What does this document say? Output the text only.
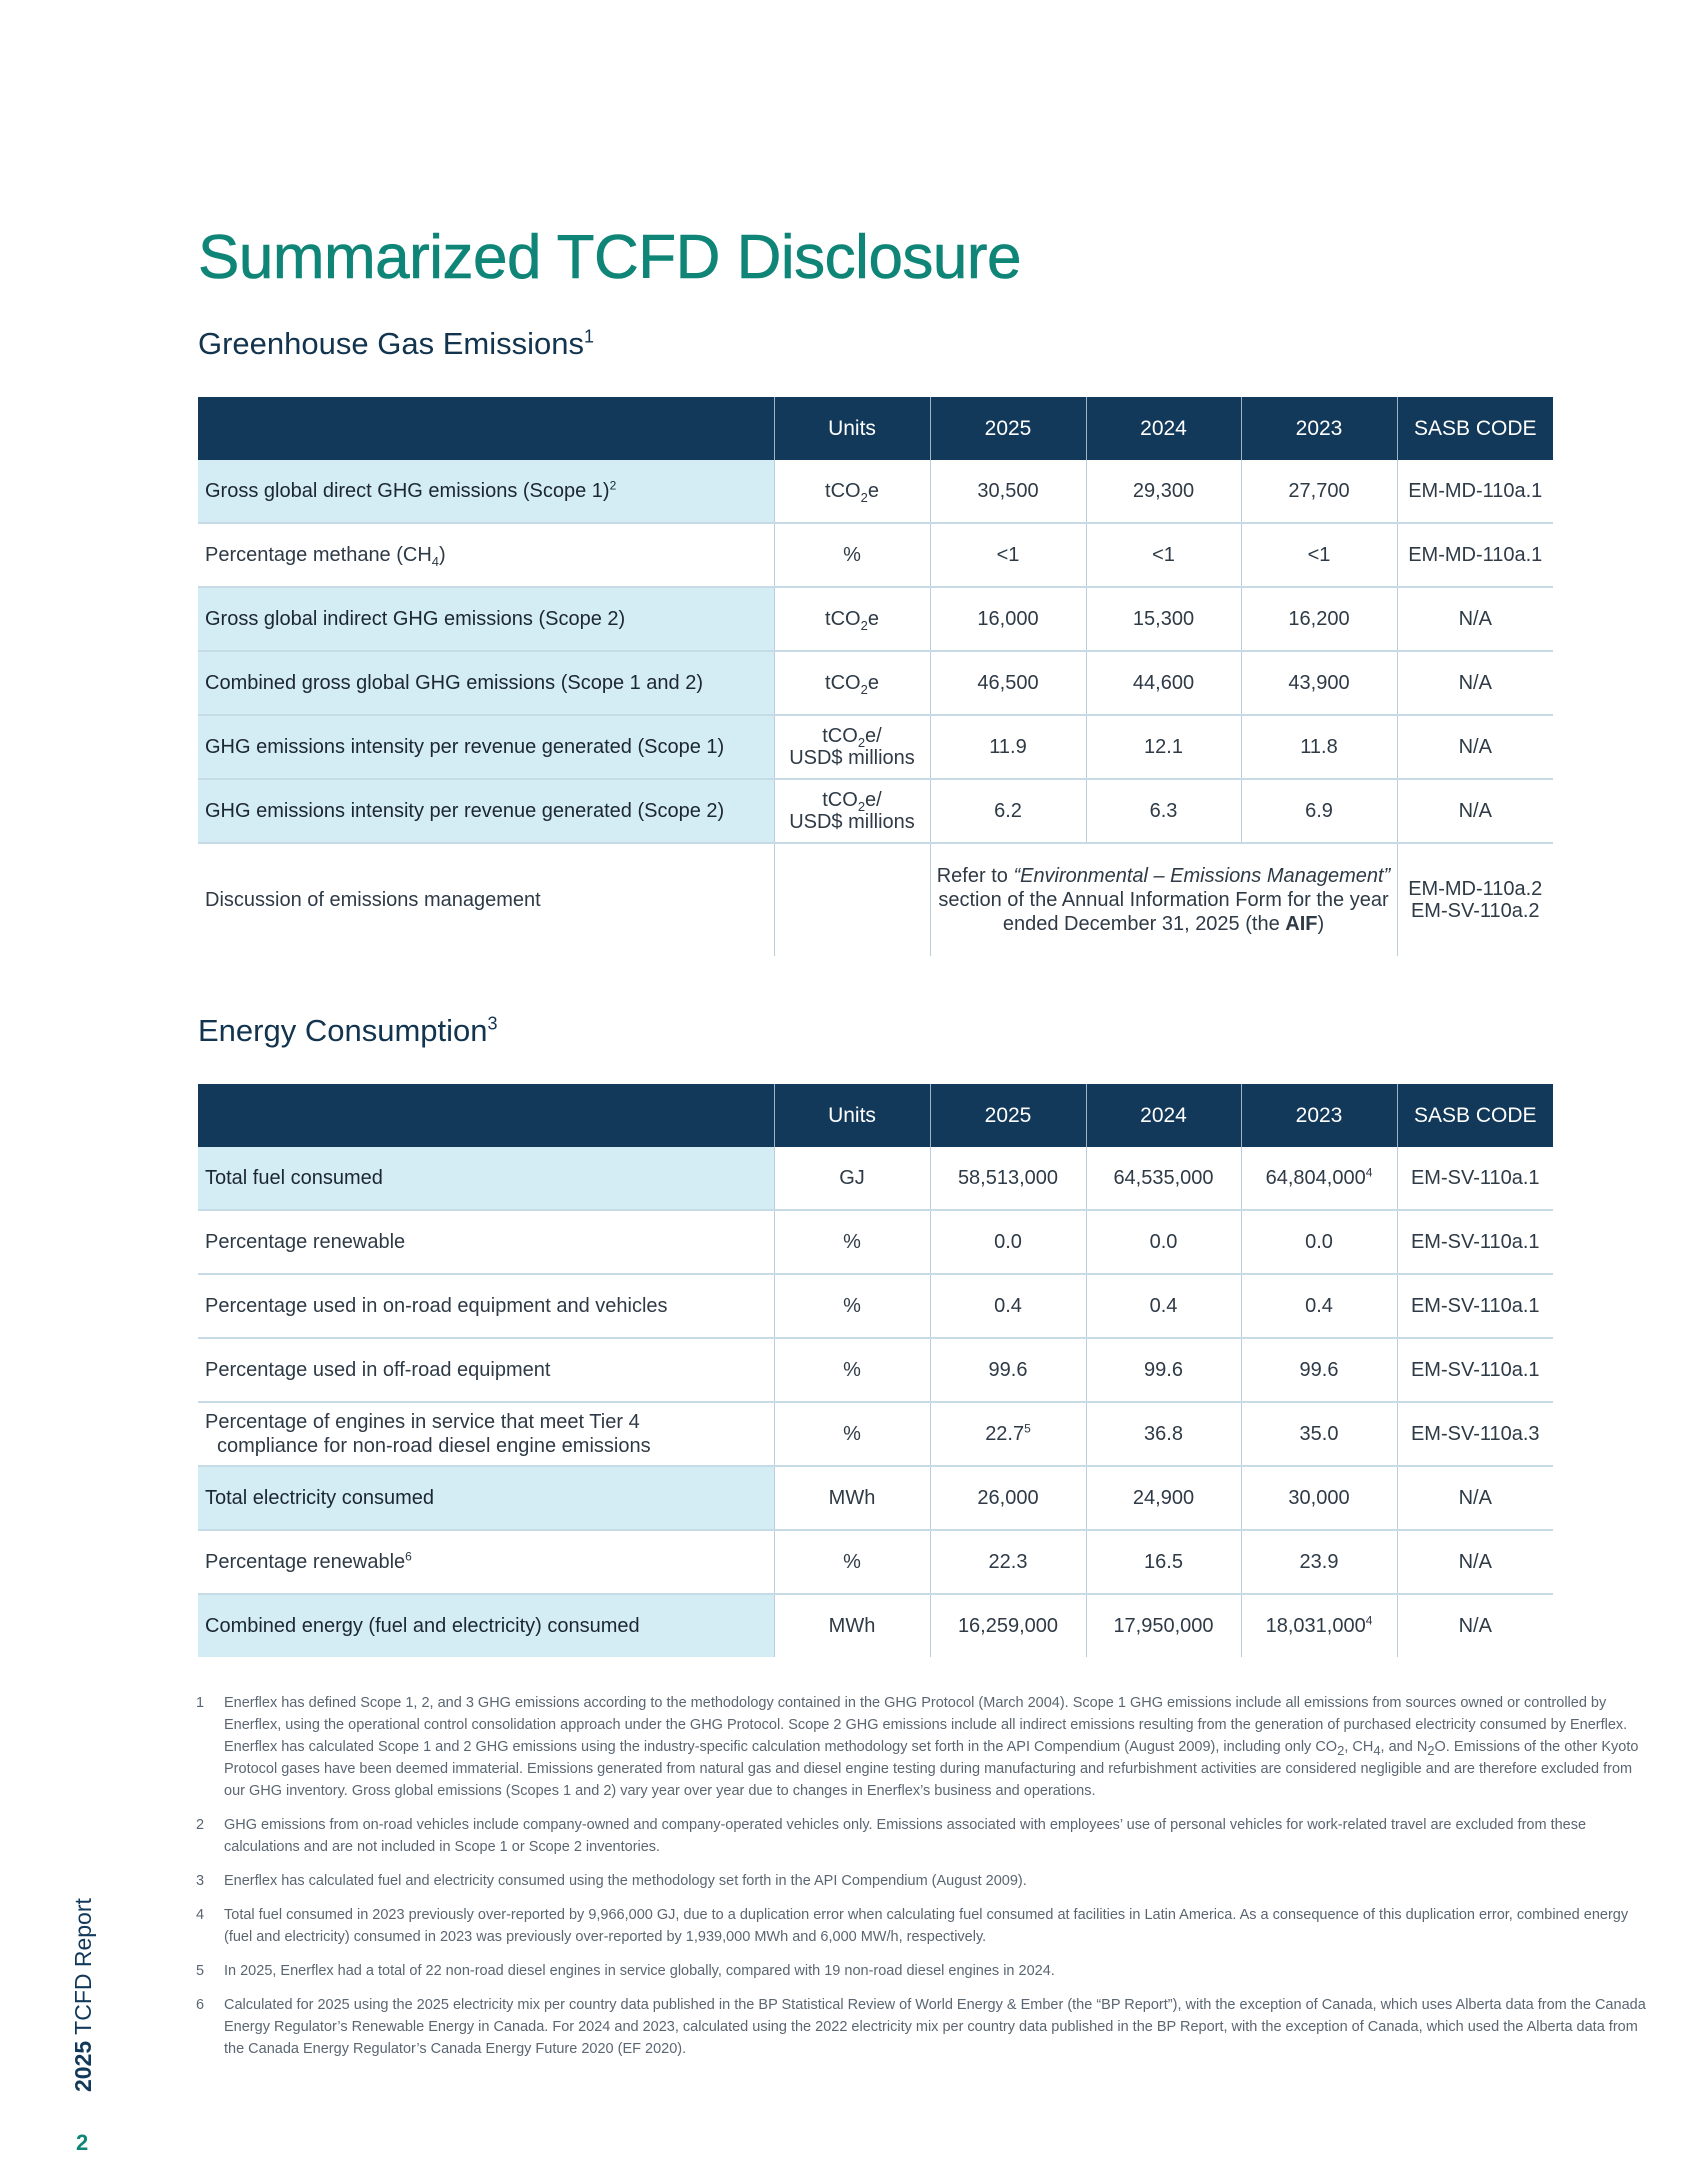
Summarized TCFD Disclosure
Greenhouse Gas Emissions$^1$
	Units	2025	2024	2023	SASB CODE
Gross global direct GHG emissions (Scope 1)$^2$	tCO$_2$e	30,500	29,300	27,700	EM-MD-110a.1
Percentage methane $(CH_4)$	%	<1	<1	<1	EM-MD-110a.1
Gross global indirect GHG emissions (Scope 2)	tCO$_2$e	16,000	15,300	16,200	N/A
Combined gross global GHG emissions (Scope 1 and 2)	tCO$_2$e	46,500	44,600	43,900	N/A
GHG emissions intensity per revenue generated (Scope 1)	tCO$_2$e/
USD$ millions	11.9	12.1	11.8	N/A
GHG emissions intensity per revenue generated (Scope 2)	tCO$_2$e/
USD$ millions	6.2	6.3	6.9	N/A
Discussion of emissions management		Refer to “Environmental – Emissions Management” section of the Annual Information Form for the year ended December 31, 2025 (the AIF)			EM-MD-110a.2
EM-SV-110a.2
Energy Consumption$^3$
	Units	2025	2024	2023	SASB CODE
Total fuel consumed	GJ	58,513,000	64,535,000	64,804,000$^4$	EM-SV-110a.1
Percentage renewable	%	0.0	0.0	0.0	EM-SV-110a.1
Percentage used in on-road equipment and vehicles	%	0.4	0.4	0.4	EM-SV-110a.1
Percentage used in off-road equipment	%	99.6	99.6	99.6	EM-SV-110a.1
Percentage of engines in service that meet Tier 4
compliance for non-road diesel engine emissions	%	22.7$^5$	36.8	35.0	EM-SV-110a.3
Total electricity consumed	MWh	26,000	24,900	30,000	N/A
Percentage renewable$^6$	%	22.3	16.5	23.9	N/A
Combined energy (fuel and electricity) consumed	MWh	16,259,000	17,950,000	18,031,000$^4$	N/A
1	Enerflex has defined Scope 1, 2, and 3 GHG emissions according to the methodology contained in the GHG Protocol (March 2004). Scope 1 GHG emissions include all emissions from sources owned or controlled by Enerflex, using the operational control consolidation approach under the GHG Protocol. Scope 2 GHG emissions include all indirect emissions resulting from the generation of purchased electricity consumed by Enerflex. Enerflex has calculated Scope 1 and 2 GHG emissions using the industry-specific calculation methodology set forth in the API Compendium (August 2009), including only $CO_2$, $CH_4$, and $N_2O$. Emissions of the other Kyoto Protocol gases have been deemed immaterial. Emissions generated from natural gas and diesel engine testing during manufacturing and refurbishment activities are considered negligible and are therefore excluded from our GHG inventory. Gross global emissions (Scopes 1 and 2) vary year over year due to changes in Enerflex’s business and operations.
2	GHG emissions from on-road vehicles include company-owned and company-operated vehicles only. Emissions associated with employees’ use of personal vehicles for work-related travel are excluded from these calculations and are not included in Scope 1 or Scope 2 inventories.
3	Enerflex has calculated fuel and electricity consumed using the methodology set forth in the API Compendium (August 2009).
4	Total fuel consumed in 2023 previously over-reported by 9,966,000 GJ, due to a duplication error when calculating fuel consumed at facilities in Latin America. As a consequence of this duplication error, combined energy (fuel and electricity) consumed in 2023 was previously over-reported by 1,939,000 MWh and 6,000 MW/h, respectively.
5	In 2025, Enerflex had a total of 22 non-road diesel engines in service globally, compared with 19 non-road diesel engines in 2024.
6	Calculated for 2025 using the 2025 electricity mix per country data published in the BP Statistical Review of World Energy & Ember (the “BP Report”), with the exception of Canada, which uses Alberta data from the Canada Energy Regulator’s Renewable Energy in Canada. For 2024 and 2023, calculated using the 2022 electricity mix per country data published in the BP Report, with the exception of Canada, which used the Alberta data from the Canada Energy Regulator’s Canada Energy Future 2020 (EF 2020).
2025 TCFD Report
2
